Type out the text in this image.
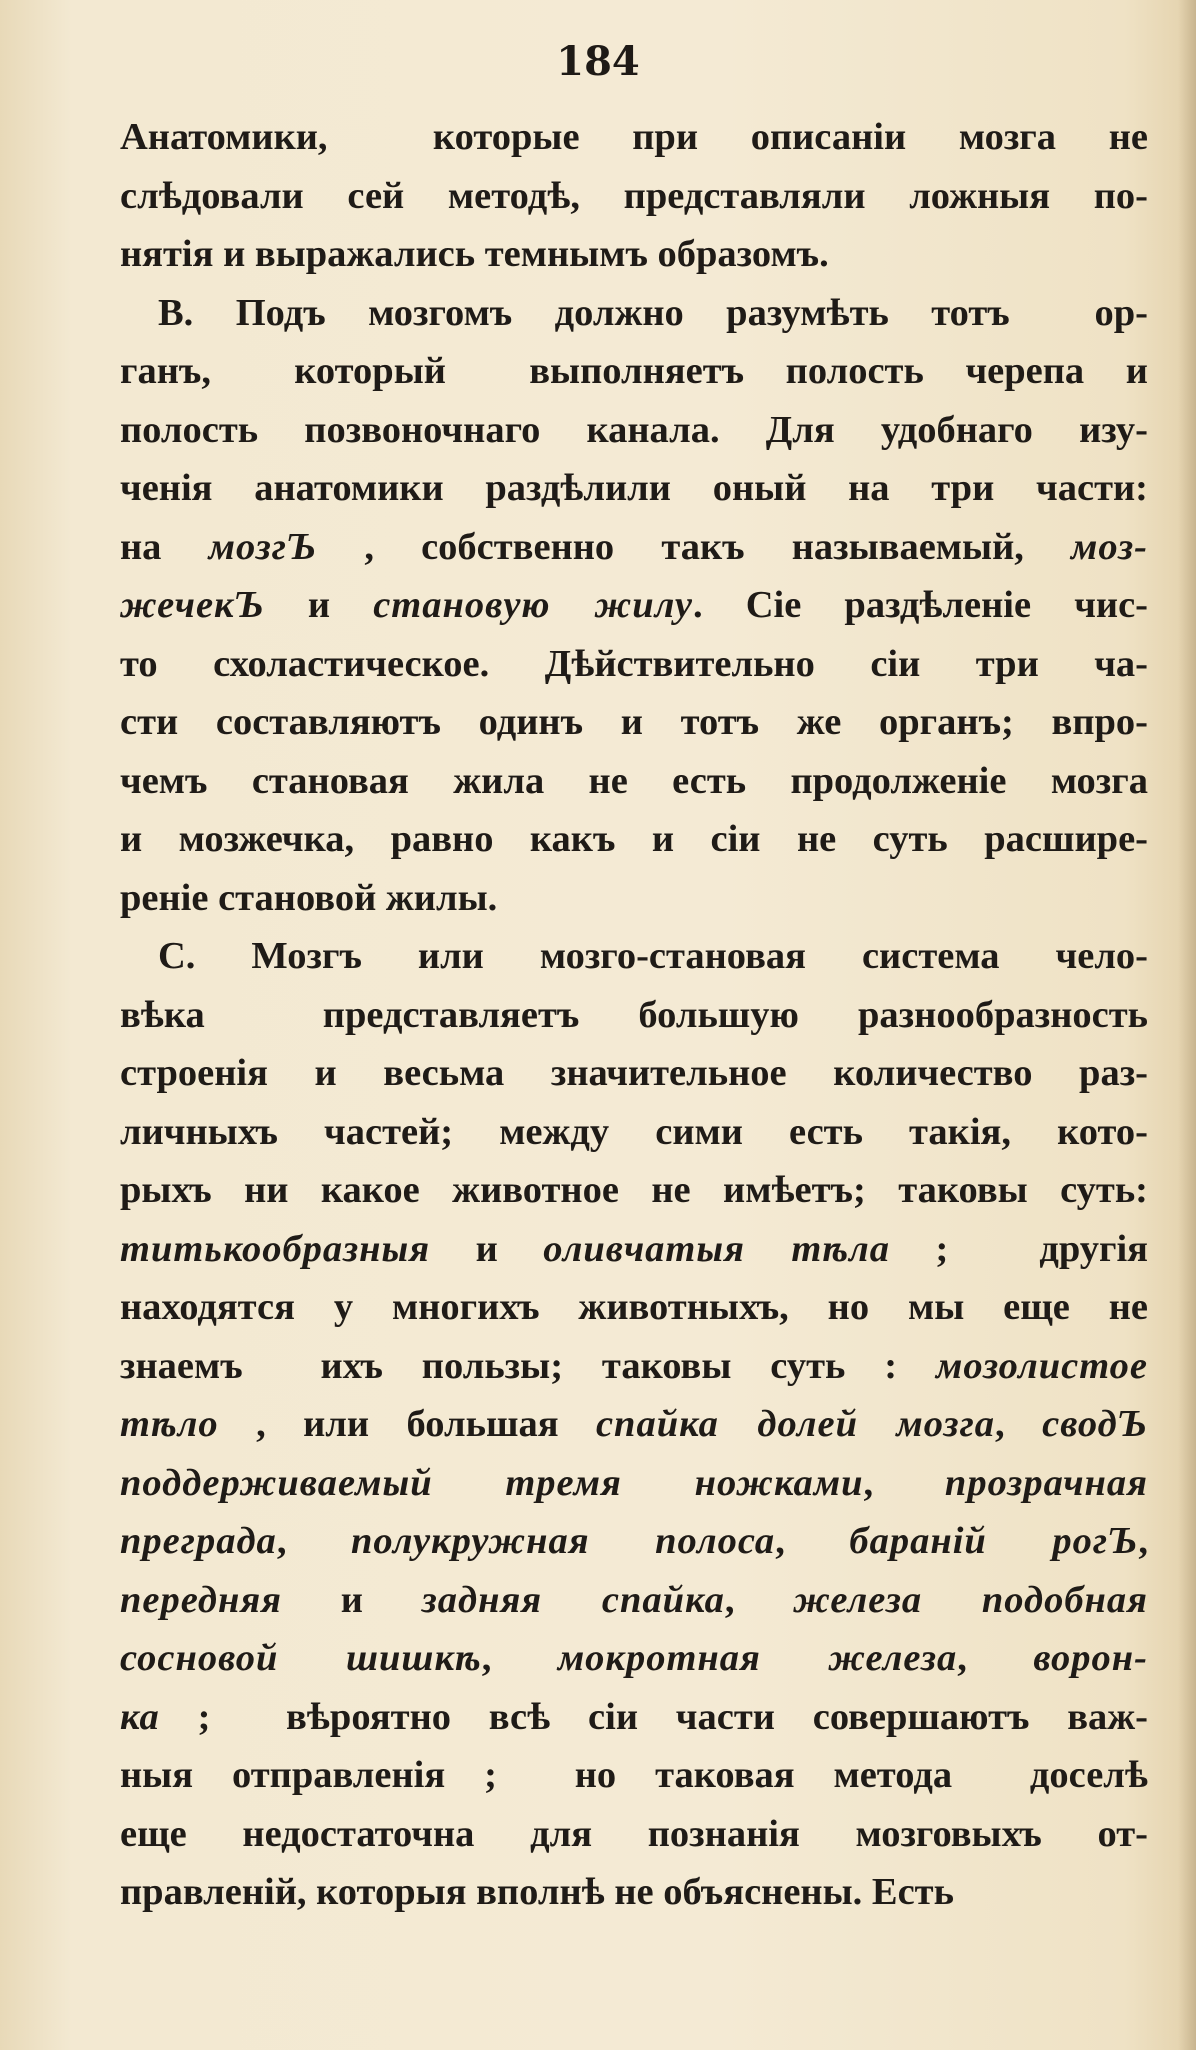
184
Анатомики,  которые при описанiи мозга не
слѣдовали сей методѣ, представляли ложныя по-
нятiя и выражались темнымъ образомъ.
B. Подъ мозгомъ должно разумѣть тотъ  ор-
ганъ,  который  выполняетъ полость черепа и
полость позвоночнаго канала. Для удобнаго изу-
ченiя анатомики раздѣлили оный на три части:
на мозгЪ , собственно такъ называемый, моз-
жечекЪ и становую жилу. Сiе раздѣленiе чис-
то схоластическое. Дѣйствительно сiи три ча-
сти составляютъ одинъ и тотъ же органъ; впро-
чемъ становая жила не есть продолженiе мозга
и мозжечка, равно какъ и сiи не суть расшире-
ренiе становой жилы.
C. Мозгъ или мозго-становая система чело-
вѣка  представляетъ большую разнообразность
строенiя и весьма значительное количество раз-
личныхъ частей; между сими есть такiя, кото-
рыхъ ни какое животное не имѣетъ; таковы суть:
титькообразныя и оливчатыя тѣла ;  другiя
находятся у многихъ животныхъ, но мы еще не
знаемъ  ихъ пользы; таковы суть : мозолистое
тѣло , или большая спайка долей мозга, сводЪ
поддерживаемый тремя ножками, прозрачная
преграда, полукружная полоса, баранiй рогЪ,
передняя и задняя спайка, железа подобная
сосновой шишкѣ, мокротная железа, ворон-
ка ;  вѣроятно всѣ сiи части совершаютъ важ-
ныя отправленiя ;  но таковая метода  доселѣ
еще недостаточна для познанiя мозговыхъ от-
правленiй, которыя вполнѣ не объяснены. Есть
